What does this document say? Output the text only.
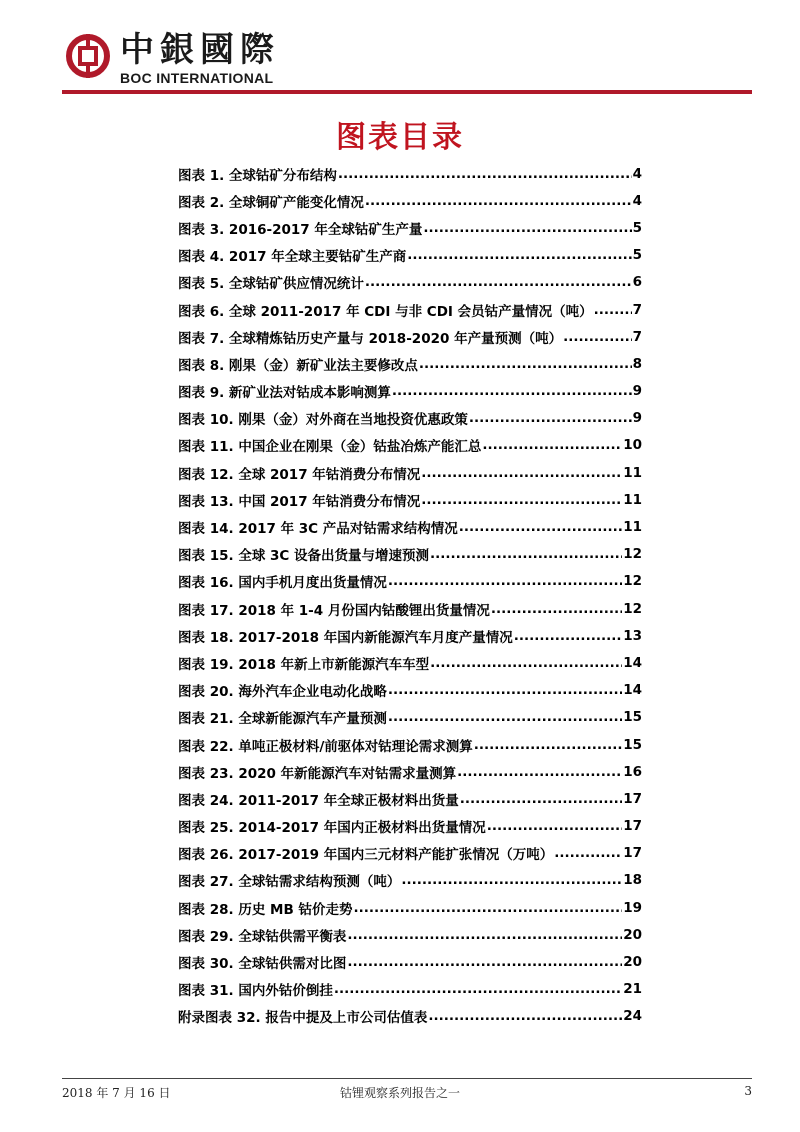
中銀國際
BOC INTERNATIONAL
图表目录
图表 1. 全球钴矿分布结构 .....	4
图表 2. 全球铜矿产能变化情况 .....	4
图表 3. 2016-2017 年全球钴矿生产量 .....	5
图表 4. 2017 年全球主要钴矿生产商 .....	5
图表 5. 全球钴矿供应情况统计 .....	6
图表 6. 全球 2011-2017 年 CDI 与非 CDI 会员钴产量情况（吨） .....	7
图表 7. 全球精炼钴历史产量与 2018-2020 年产量预测（吨） .....	7
图表 8. 刚果（金）新矿业法主要修改点 .....	8
图表 9. 新矿业法对钴成本影响测算 .....	9
图表 10. 刚果（金）对外商在当地投资优惠政策 .....	9
图表 11. 中国企业在刚果（金）钴盐冶炼产能汇总 .....	10
图表 12. 全球 2017 年钴消费分布情况 .....	11
图表 13. 中国 2017 年钴消费分布情况 .....	11
图表 14. 2017 年 3C 产品对钴需求结构情况 .....	11
图表 15. 全球 3C 设备出货量与增速预测 .....	12
图表 16. 国内手机月度出货量情况 .....	12
图表 17. 2018 年 1-4 月份国内钴酸锂出货量情况 .....	12
图表 18. 2017-2018 年国内新能源汽车月度产量情况 .....	13
图表 19. 2018 年新上市新能源汽车车型 .....	14
图表 20. 海外汽车企业电动化战略 .....	14
图表 21. 全球新能源汽车产量预测 .....	15
图表 22. 单吨正极材料/前驱体对钴理论需求测算 .....	15
图表 23. 2020 年新能源汽车对钴需求量测算 .....	16
图表 24. 2011-2017 年全球正极材料出货量 .....	17
图表 25. 2014-2017 年国内正极材料出货量情况 .....	17
图表 26. 2017-2019 年国内三元材料产能扩张情况（万吨） .....	17
图表 27. 全球钴需求结构预测（吨） .....	18
图表 28. 历史 MB 钴价走势 .....	19
图表 29. 全球钴供需平衡表 .....	20
图表 30. 全球钴供需对比图 .....	20
图表 31. 国内外钴价倒挂 .....	21
附录图表 32. 报告中提及上市公司估值表 .....	24
2018 年 7 月 16 日	钴锂观察系列报告之一	3
